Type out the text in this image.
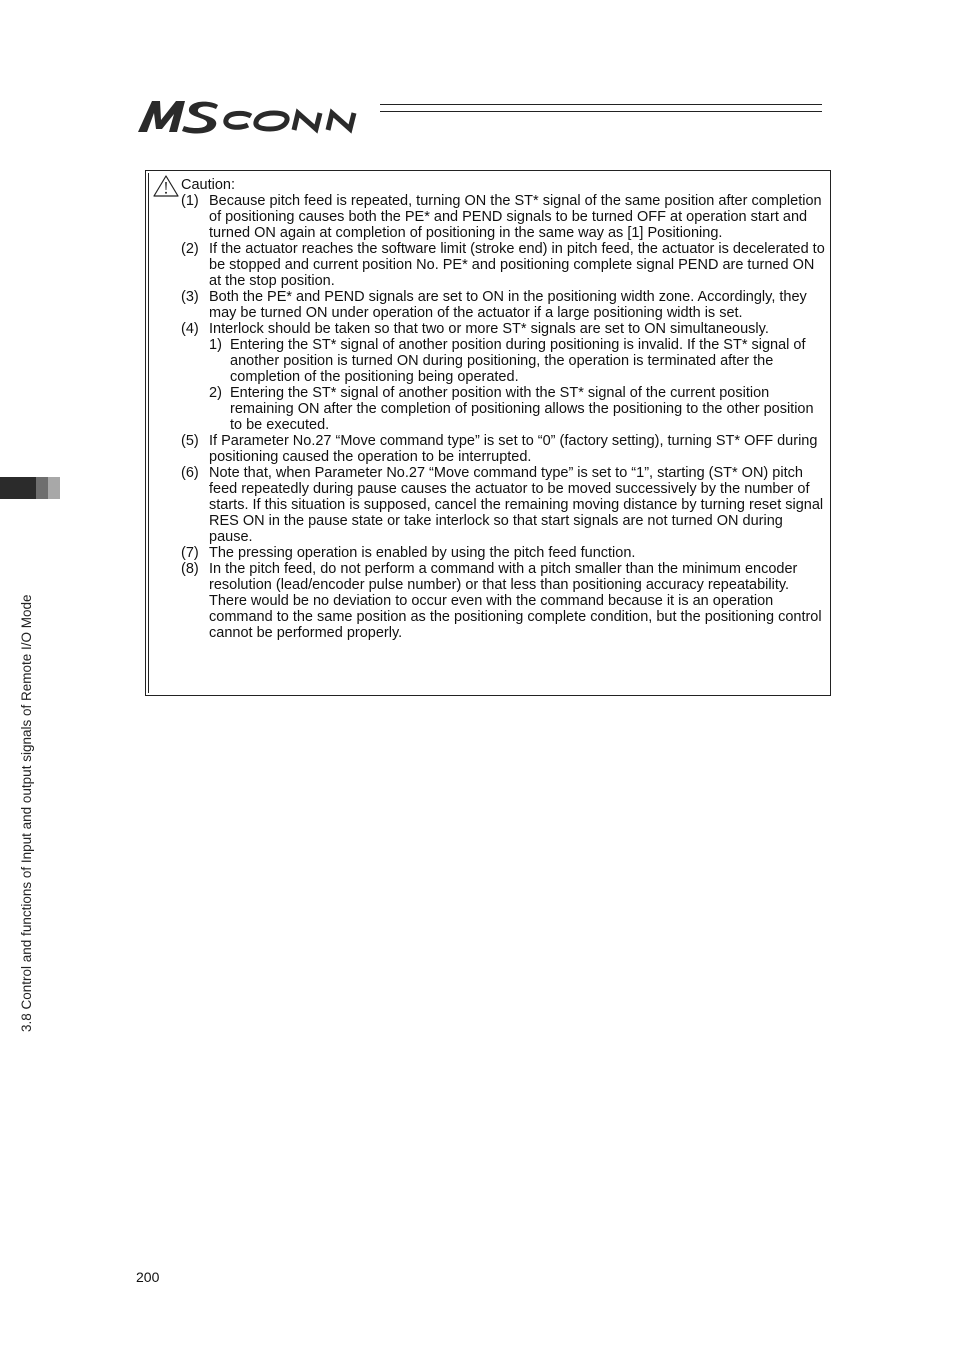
3.8 Control and functions of Input and output signals of Remote I/O Mode
Caution:
(1) Because pitch feed is repeated, turning ON the ST* signal of the same position after completion of positioning causes both the PE* and PEND signals to be turned OFF at operation start and turned ON again at completion of positioning in the same way as [1] Positioning.
(2) If the actuator reaches the software limit (stroke end) in pitch feed, the actuator is decelerated to be stopped and current position No. PE* and positioning complete signal PEND are turned ON at the stop position.
(3) Both the PE* and PEND signals are set to ON in the positioning width zone. Accordingly, they may be turned ON under operation of the actuator if a large positioning width is set.
(4) Interlock should be taken so that two or more ST* signals are set to ON simultaneously.
1) Entering the ST* signal of another position during positioning is invalid. If the ST* signal of another position is turned ON during positioning, the operation is terminated after the completion of the positioning being operated.
2) Entering the ST* signal of another position with the ST* signal of the current position remaining ON after the completion of positioning allows the positioning to the other position to be executed.
(5) If Parameter No.27 “Move command type” is set to “0” (factory setting), turning ST* OFF during positioning caused the operation to be interrupted.
(6) Note that, when Parameter No.27 “Move command type” is set to “1”, starting (ST* ON) pitch feed repeatedly during pause causes the actuator to be moved successively by the number of starts. If this situation is supposed, cancel the remaining moving distance by turning reset signal RES ON in the pause state or take interlock so that start signals are not turned ON during pause.
(7) The pressing operation is enabled by using the pitch feed function.
(8) In the pitch feed, do not perform a command with a pitch smaller than the minimum encoder resolution (lead/encoder pulse number) or that less than positioning accuracy repeatability.
There would be no deviation to occur even with the command because it is an operation command to the same position as the positioning complete condition, but the positioning control cannot be performed properly.
200
